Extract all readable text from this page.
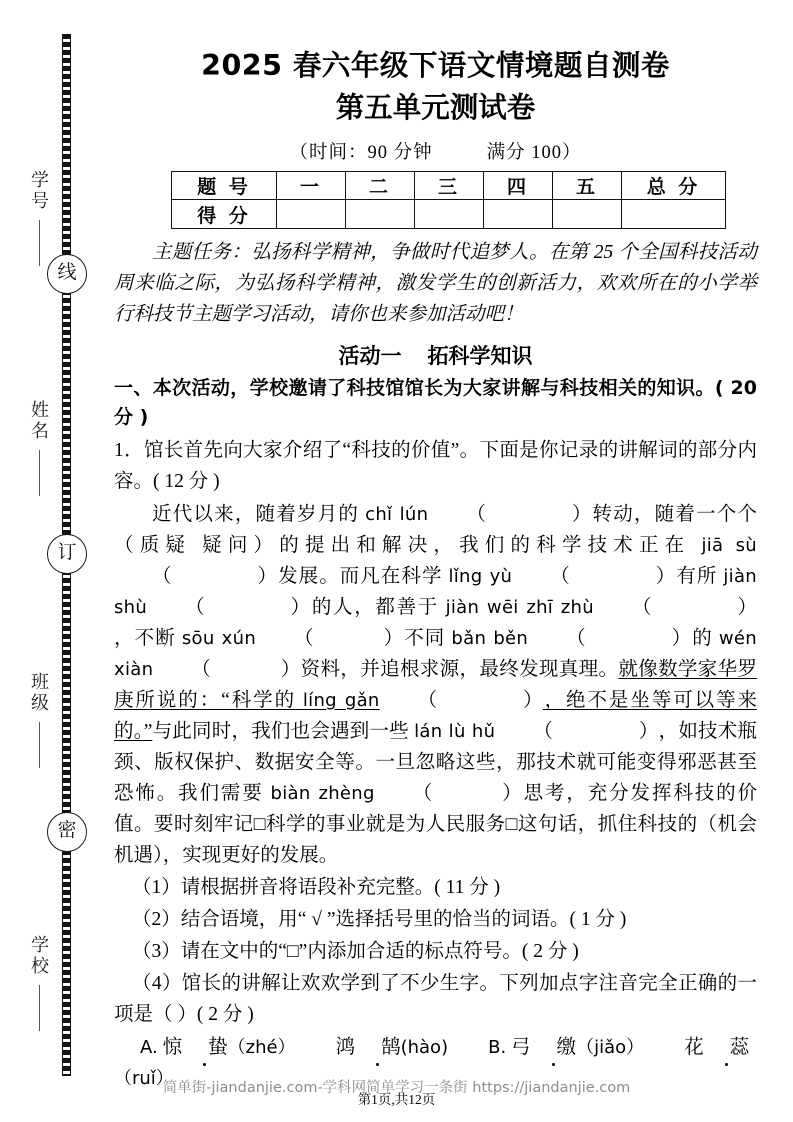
学号
线
姓名
订
班级
密
学校
2025 春六年级下语文情境题自测卷
第五单元测试卷
（时间：90 分钟	满分 100）
题 号	一	二	三	四	五	总 分
得 分						

主题任务：弘扬科学精神，争做时代追梦人。在第 25 个全国科技活动周来临之际，为弘扬科学精神，激发学生的创新活力，欢欢所在的小学举行科技节主题学习活动，请你也来参加活动吧！

活动一 拓科学知识

一、本次活动，学校邀请了科技馆馆长为大家讲解与科技相关的知识。( 20 分 )

1．馆长首先向大家介绍了“科技的价值”。下面是你记录的讲解词的部分内容。( 12 分 )

近代以来，随着岁月的 chǐ lún （	）转动，随着一个个（质疑 疑问）的提出和解决，我们的科学技术正在 jiā sù（	）发展。而凡在科学 lǐng yù （	）有所 jiàn shù （	）的人，都善于 jiàn wēi zhī zhù （	），不断 sōu xún （	）不同 bǎn běn （	）的 wén xiàn （	）资料，并追根求源，最终发现真理。就像数学家华罗庚所说的：“科学的 líng gǎn （	），绝不是坐等可以等来的。”与此同时，我们也会遇到一些 lán lù hǔ （	），如技术瓶颈、版权保护、数据安全等。一旦忽略这些，那技术就可能变得邪恶甚至恐怖。我们需要 biàn zhèng （	）思考，充分发挥科技的价值。要时刻牢记□科学的事业就是为人民服务□这句话，抓住科技的（机会 机遇），实现更好的发展。

（1）请根据拼音将语段补充完整。( 11 分 )

（2）结合语境，用“ √ ”选择括号里的恰当的词语。( 1 分 )

（3）请在文中的“□”内添加合适的标点符号。( 2 分 )

（4）馆长的讲解让欢欢学到了不少生字。下列加点字注音完全正确的一项是（ ）( 2 分 )

A. 惊 蛰（zhé） 鸿 鹄(hào) B. 弓 缴（jiǎo） 花 蕊（ruǐ）
简单街-jiandanjie.com-学科网简单学习一条街 https://jiandanjie.com
第1页,共12页
